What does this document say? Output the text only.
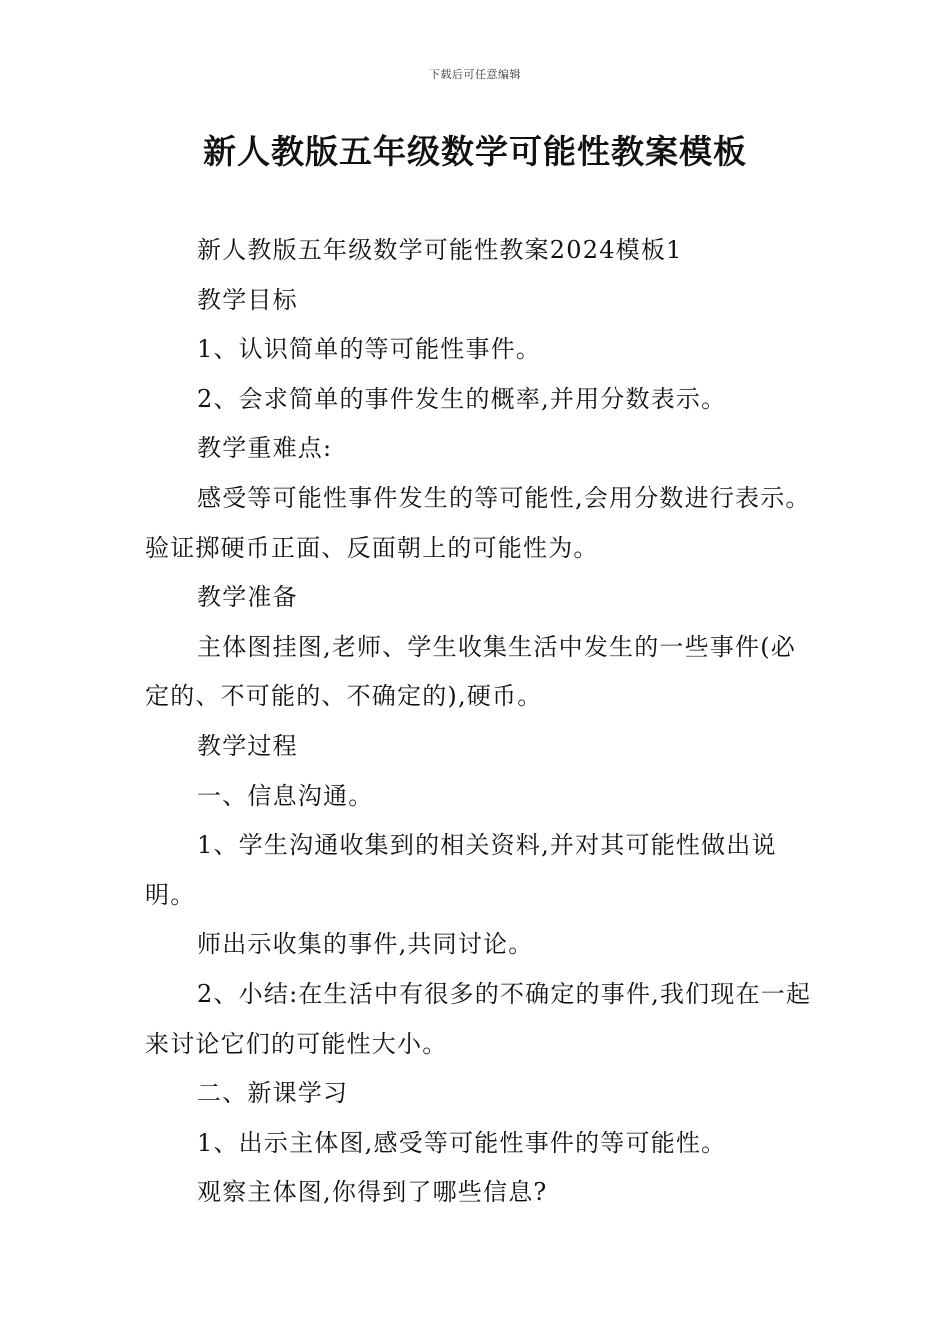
下载后可任意编辑
新人教版五年级数学可能性教案模板

新人教版五年级数学可能性教案2024模板1

教学目标

1、认识简单的等可能性事件。

2、会求简单的事件发生的概率,并用分数表示。

教学重难点:

感受等可能性事件发生的等可能性,会用分数进行表示。验证掷硬币正面、反面朝上的可能性为。

教学准备

主体图挂图,老师、学生收集生活中发生的一些事件(必定的、不可能的、不确定的),硬币。

教学过程

一、信息沟通。

1、学生沟通收集到的相关资料,并对其可能性做出说明。

师出示收集的事件,共同讨论。

2、小结:在生活中有很多的不确定的事件,我们现在一起来讨论它们的可能性大小。

二、新课学习

1、出示主体图,感受等可能性事件的等可能性。

观察主体图,你得到了哪些信息?
